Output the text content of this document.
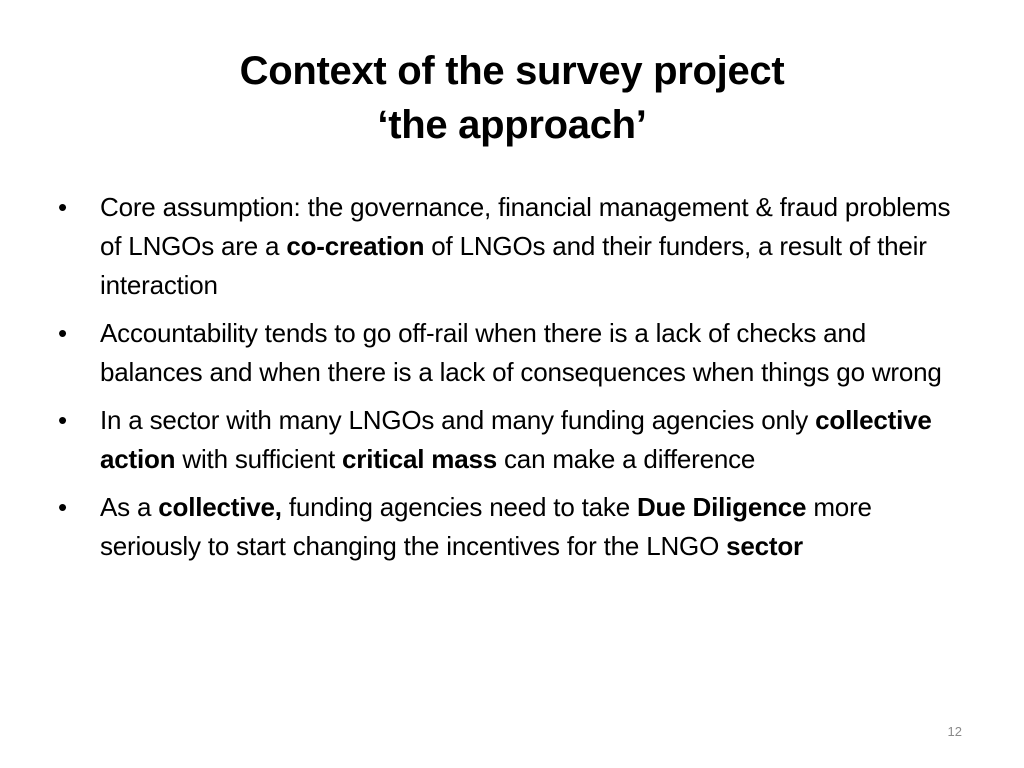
Context of the survey project
‘the approach’
•	Core assumption: the governance, financial management & fraud problems of LNGOs are a co-creation of LNGOs and their funders, a result of their interaction
•	Accountability tends to go off-rail when there is a lack of checks and balances and when there is a lack of consequences when things go wrong
•	In a sector with many LNGOs and many funding agencies only collective action with sufficient critical mass can make a difference
•	As a collective, funding agencies need to take Due Diligence more seriously to start changing the incentives for the LNGO sector
12
